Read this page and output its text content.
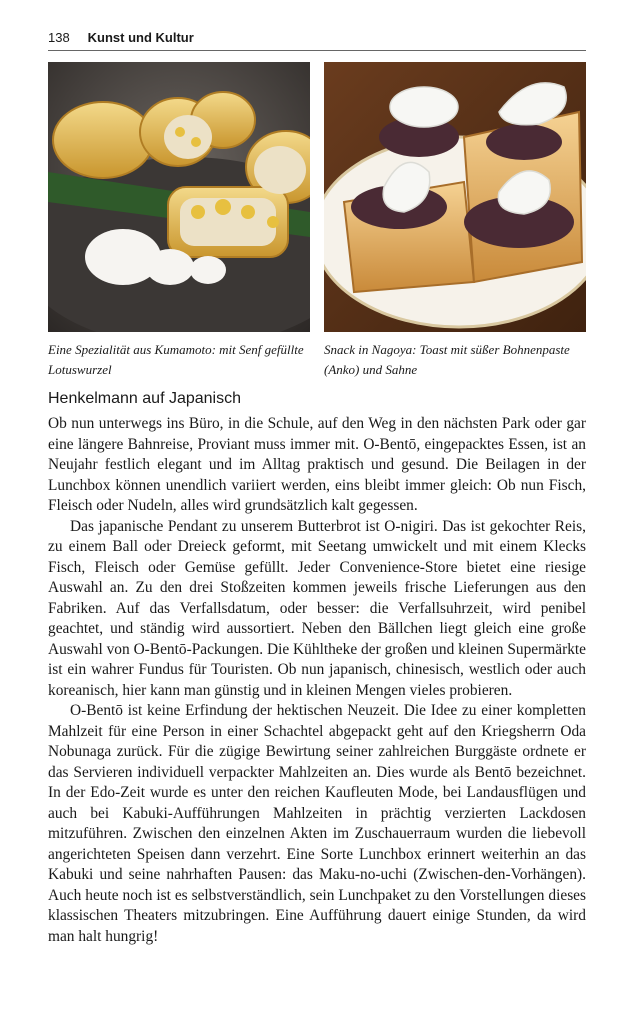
138 Kunst und Kultur
Eine Spezialität aus Kumamoto: mit Senf gefüllte Lotuswurzel
Snack in Nagoya: Toast mit süßer Bohnenpaste (Anko) und Sahne
Henkelmann auf Japanisch

Ob nun unterwegs ins Büro, in die Schule, auf den Weg in den nächsten Park oder gar eine längere Bahnreise, Proviant muss immer mit. O-Bentō, eingepacktes Essen, ist an Neujahr festlich elegant und im Alltag praktisch und gesund. Die Beilagen in der Lunchbox können unendlich variiert werden, eins bleibt immer gleich: Ob nun Fisch, Fleisch oder Nudeln, alles wird grundsätzlich kalt gegessen.

Das japanische Pendant zu unserem Butterbrot ist O-nigiri. Das ist gekochter Reis, zu einem Ball oder Dreieck geformt, mit Seetang umwickelt und mit einem Klecks Fisch, Fleisch oder Gemüse gefüllt. Jeder Convenience-Store bietet eine riesige Auswahl an. Zu den drei Stoßzeiten kommen jeweils frische Lieferungen aus den Fabriken. Auf das Verfallsdatum, oder besser: die Verfallsuhrzeit, wird penibel geachtet, und ständig wird aussortiert. Neben den Bällchen liegt gleich eine große Auswahl von O-Bentō-Packungen. Die Kühltheke der großen und kleinen Supermärkte ist ein wahrer Fundus für Touristen. Ob nun japanisch, chinesisch, westlich oder auch koreanisch, hier kann man günstig und in kleinen Mengen vieles probieren.

O-Bentō ist keine Erfindung der hektischen Neuzeit. Die Idee zu einer kompletten Mahlzeit für eine Person in einer Schachtel abgepackt geht auf den Kriegsherrn Oda Nobunaga zurück. Für die zügige Bewirtung seiner zahlreichen Burggäste ordnete er das Servieren individuell verpackter Mahlzeiten an. Dies wurde als Bentō bezeichnet. In der Edo-Zeit wurde es unter den reichen Kaufleuten Mode, bei Landausflügen und auch bei Kabuki-Aufführungen Mahlzeiten in prächtig verzierten Lackdosen mitzuführen. Zwischen den einzelnen Akten im Zuschauerraum wurden die liebevoll angerichteten Speisen dann verzehrt. Eine Sorte Lunchbox erinnert weiterhin an das Kabuki und seine nahrhaften Pausen: das Maku-no-uchi (Zwischen-den-Vorhängen). Auch heute noch ist es selbstverständlich, sein Lunchpaket zu den Vorstellungen dieses klassischen Theaters mitzubringen. Eine Aufführung dauert einige Stunden, da wird man halt hungrig!
